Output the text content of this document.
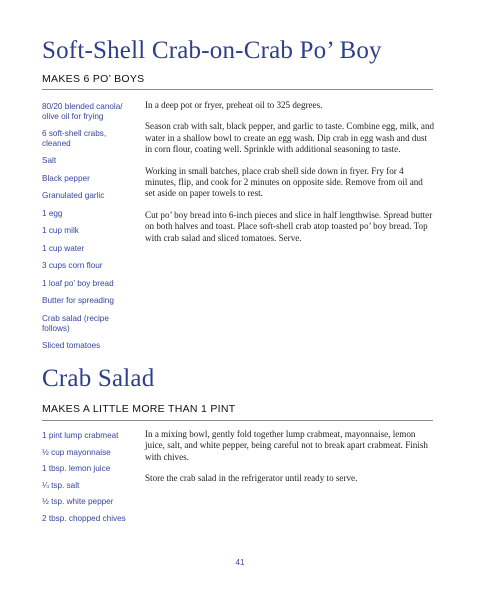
Soft-Shell Crab-on-Crab Po’ Boy
MAKES 6 PO’ BOYS
80/20 blended canola/ olive oil for frying
6 soft-shell crabs, cleaned
Salt
Black pepper
Granulated garlic
1 egg
1 cup milk
1 cup water
3 cups corn flour
1 loaf po’ boy bread
Butter for spreading
Crab salad (recipe follows)
Sliced tomatoes

In a deep pot or fryer, preheat oil to 325 degrees.

Season crab with salt, black pepper, and garlic to taste. Combine egg, milk, and water in a shallow bowl to create an egg wash. Dip crab in egg wash and dust in corn flour, coating well. Sprinkle with additional seasoning to taste.

Working in small batches, place crab shell side down in fryer. Fry for 4 minutes, flip, and cook for 2 minutes on opposite side. Remove from oil and set aside on paper towels to rest.

Cut po’ boy bread into 6-inch pieces and slice in half lengthwise. Spread butter on both halves and toast. Place soft-shell crab atop toasted po’ boy bread. Top with crab salad and sliced tomatoes. Serve.

Crab Salad
MAKES A LITTLE MORE THAN 1 PINT
1 pint lump crabmeat
½ cup mayonnaise
1 tbsp. lemon juice
¼ tsp. salt
½ tsp. white pepper
2 tbsp. chopped chives

In a mixing bowl, gently fold together lump crabmeat, mayonnaise, lemon juice, salt, and white pepper, being careful not to break apart crabmeat. Finish with chives.

Store the crab salad in the refrigerator until ready to serve.

41
